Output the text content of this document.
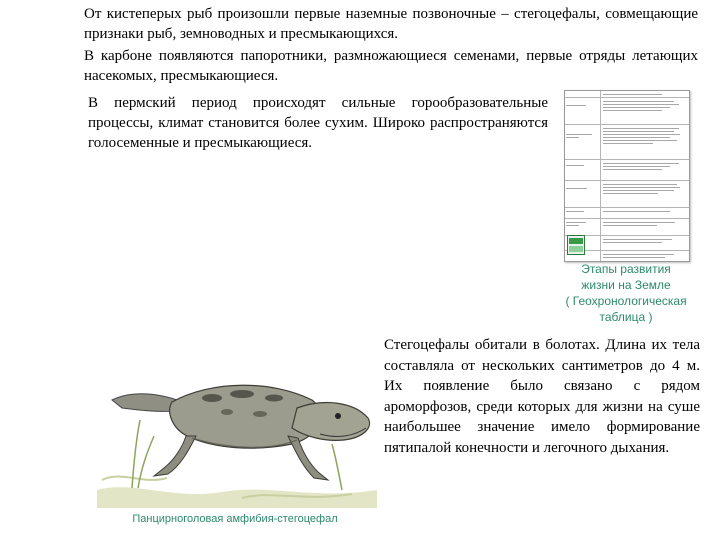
От кистеперых рыб произошли первые наземные позвоночные – стегоцефалы, совмещающие признаки рыб, земноводных и пресмыкающихся.

В карбоне появляются папоротники, размножающиеся семенами, первые отряды летающих насекомых, пресмыкающиеся.

В пермский период происходят сильные горообразовательные процессы, климат становится более сухим. Широко распространяются голосеменные и пресмыкающиеся.

Этапы развития
жизни на Земле
( Геохронологическая
таблица )

Стегоцефалы обитали в болотах. Длина их тела составляла от нескольких сантиметров до 4 м. Их появление было связано с рядом ароморфозов, среди которых для жизни на суше наибольшее значение имело формирование пятипалой конечности и легочного дыхания.

Панцирноголовая амфибия-стегоцефал
